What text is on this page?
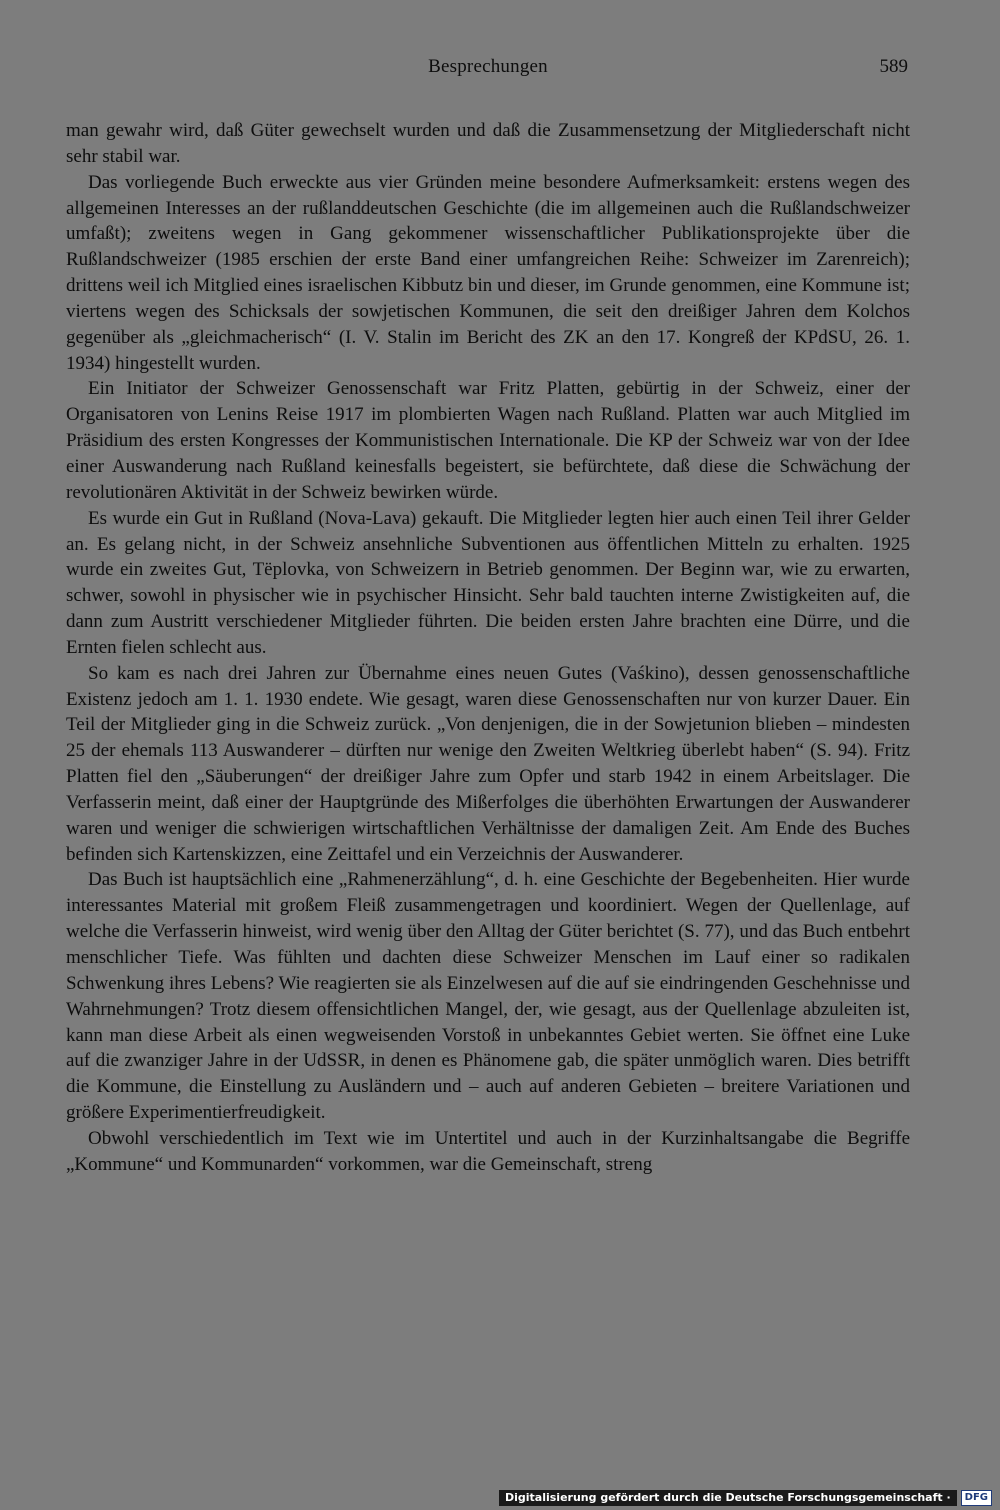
Besprechungen	589

man gewahr wird, daß Güter gewechselt wurden und daß die Zusammensetzung der Mitgliederschaft nicht sehr stabil war.

Das vorliegende Buch erweckte aus vier Gründen meine besondere Aufmerksamkeit: erstens wegen des allgemeinen Interesses an der rußlanddeutschen Geschichte (die im allgemeinen auch die Rußlandschweizer umfaßt); zweitens wegen in Gang gekommener wissenschaftlicher Publikationsprojekte über die Rußlandschweizer (1985 erschien der erste Band einer umfangreichen Reihe: Schweizer im Zarenreich); drittens weil ich Mitglied eines israelischen Kibbutz bin und dieser, im Grunde genommen, eine Kommune ist; viertens wegen des Schicksals der sowjetischen Kommunen, die seit den dreißiger Jahren dem Kolchos gegenüber als „gleichmacherisch“ (I. V. Stalin im Bericht des ZK an den 17. Kongreß der KPdSU, 26. 1. 1934) hingestellt wurden.

Ein Initiator der Schweizer Genossenschaft war Fritz Platten, gebürtig in der Schweiz, einer der Organisatoren von Lenins Reise 1917 im plombierten Wagen nach Rußland. Platten war auch Mitglied im Präsidium des ersten Kongresses der Kommunistischen Internationale. Die KP der Schweiz war von der Idee einer Auswanderung nach Rußland keinesfalls begeistert, sie befürchtete, daß diese die Schwächung der revolutionären Aktivität in der Schweiz bewirken würde.

Es wurde ein Gut in Rußland (Nova-Lava) gekauft. Die Mitglieder legten hier auch einen Teil ihrer Gelder an. Es gelang nicht, in der Schweiz ansehnliche Subventionen aus öffentlichen Mitteln zu erhalten. 1925 wurde ein zweites Gut, Tëplovka, von Schweizern in Betrieb genommen. Der Beginn war, wie zu erwarten, schwer, sowohl in physischer wie in psychischer Hinsicht. Sehr bald tauchten interne Zwistigkeiten auf, die dann zum Austritt verschiedener Mitglieder führten. Die beiden ersten Jahre brachten eine Dürre, und die Ernten fielen schlecht aus.

So kam es nach drei Jahren zur Übernahme eines neuen Gutes (Vaśkino), dessen genossenschaftliche Existenz jedoch am 1. 1. 1930 endete. Wie gesagt, waren diese Genossenschaften nur von kurzer Dauer. Ein Teil der Mitglieder ging in die Schweiz zurück. „Von denjenigen, die in der Sowjetunion blieben – mindesten 25 der ehemals 113 Auswanderer – dürften nur wenige den Zweiten Weltkrieg überlebt haben“ (S. 94). Fritz Platten fiel den „Säuberungen“ der dreißiger Jahre zum Opfer und starb 1942 in einem Arbeitslager. Die Verfasserin meint, daß einer der Hauptgründe des Mißerfolges die überhöhten Erwartungen der Auswanderer waren und weniger die schwierigen wirtschaftlichen Verhältnisse der damaligen Zeit. Am Ende des Buches befinden sich Kartenskizzen, eine Zeittafel und ein Verzeichnis der Auswanderer.

Das Buch ist hauptsächlich eine „Rahmenerzählung“, d. h. eine Geschichte der Begebenheiten. Hier wurde interessantes Material mit großem Fleiß zusammengetragen und koordiniert. Wegen der Quellenlage, auf welche die Verfasserin hinweist, wird wenig über den Alltag der Güter berichtet (S. 77), und das Buch entbehrt menschlicher Tiefe. Was fühlten und dachten diese Schweizer Menschen im Lauf einer so radikalen Schwenkung ihres Lebens? Wie reagierten sie als Einzelwesen auf die auf sie eindringenden Geschehnisse und Wahrnehmungen? Trotz diesem offensichtlichen Mangel, der, wie gesagt, aus der Quellenlage abzuleiten ist, kann man diese Arbeit als einen wegweisenden Vorstoß in unbekanntes Gebiet werten. Sie öffnet eine Luke auf die zwanziger Jahre in der UdSSR, in denen es Phänomene gab, die später unmöglich waren. Dies betrifft die Kommune, die Einstellung zu Ausländern und – auch auf anderen Gebieten – breitere Variationen und größere Experimentierfreudigkeit.

Obwohl verschiedentlich im Text wie im Untertitel und auch in der Kurzinhaltsangabe die Begriffe „Kommune“ und Kommunarden“ vorkommen, war die Gemeinschaft, streng

Digitalisierung gefördert durch die Deutsche Forschungsgemeinschaft ·	DFG
